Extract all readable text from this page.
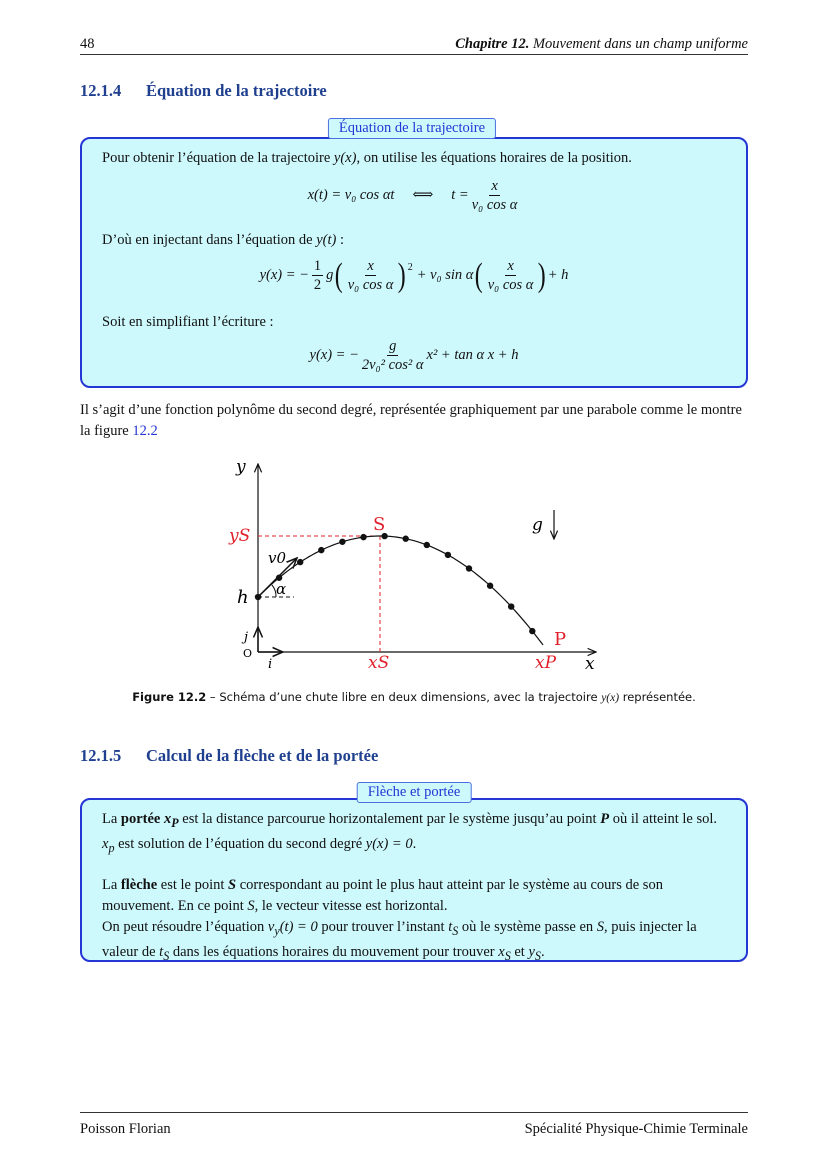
48	Chapitre 12. Mouvement dans un champ uniforme
12.1.4 Équation de la trajectoire
Pour obtenir l’équation de la trajectoire y(x), on utilise les équations horaires de la position.
x(t) = v₀ cos αt ⟺ $t = \frac{x}{\text{v₀ cos α}}$
D’où en injectant dans l’équation de y(t) :
y(x) = − $\frac{1}{2}$ g ( $\frac{x}{\text{v₀ cos α}} )^2 + v_0$ sin α ( $\frac{x}{\text{v₀ cos α}}$ ) + h
Soit en simplifiant l’écriture :
y(x) = − $\frac{g}{\text{2v₀² cos² α}} x^2 + \tan \alpha$ x + h
Équation de la trajectoire
Il s’agit d’une fonction polynôme du second degré, représentée graphiquement par une parabole comme le montre la figure 12.2
y
x
O
i
j
h
yS
xS	xP
S
P
v0
α
g
Figure 12.2 – Schéma d’une chute libre en deux dimensions, avec la trajectoire y(x) représentée.
12.1.5 Calcul de la flèche et de la portée
La portée $x_P$ est la distance parcourue horizontalement par le système jusqu’au point P où il atteint le sol.
$x_p$ est solution de l’équation du second degré y(x) = 0.
La flèche est le point S correspondant au point le plus haut atteint par le système au cours de son mouvement. En ce point S, le vecteur vitesse est horizontal.
On peut résoudre l’équation $v_y(t) = 0$ pour trouver l’instant $t_S$ où le système passe en S, puis injecter la valeur de $t_S$ dans les équations horaires du mouvement pour trouver $x_S$ et $y_S$.
Flèche et portée
Poisson Florian	Spécialité Physique-Chimie Terminale
